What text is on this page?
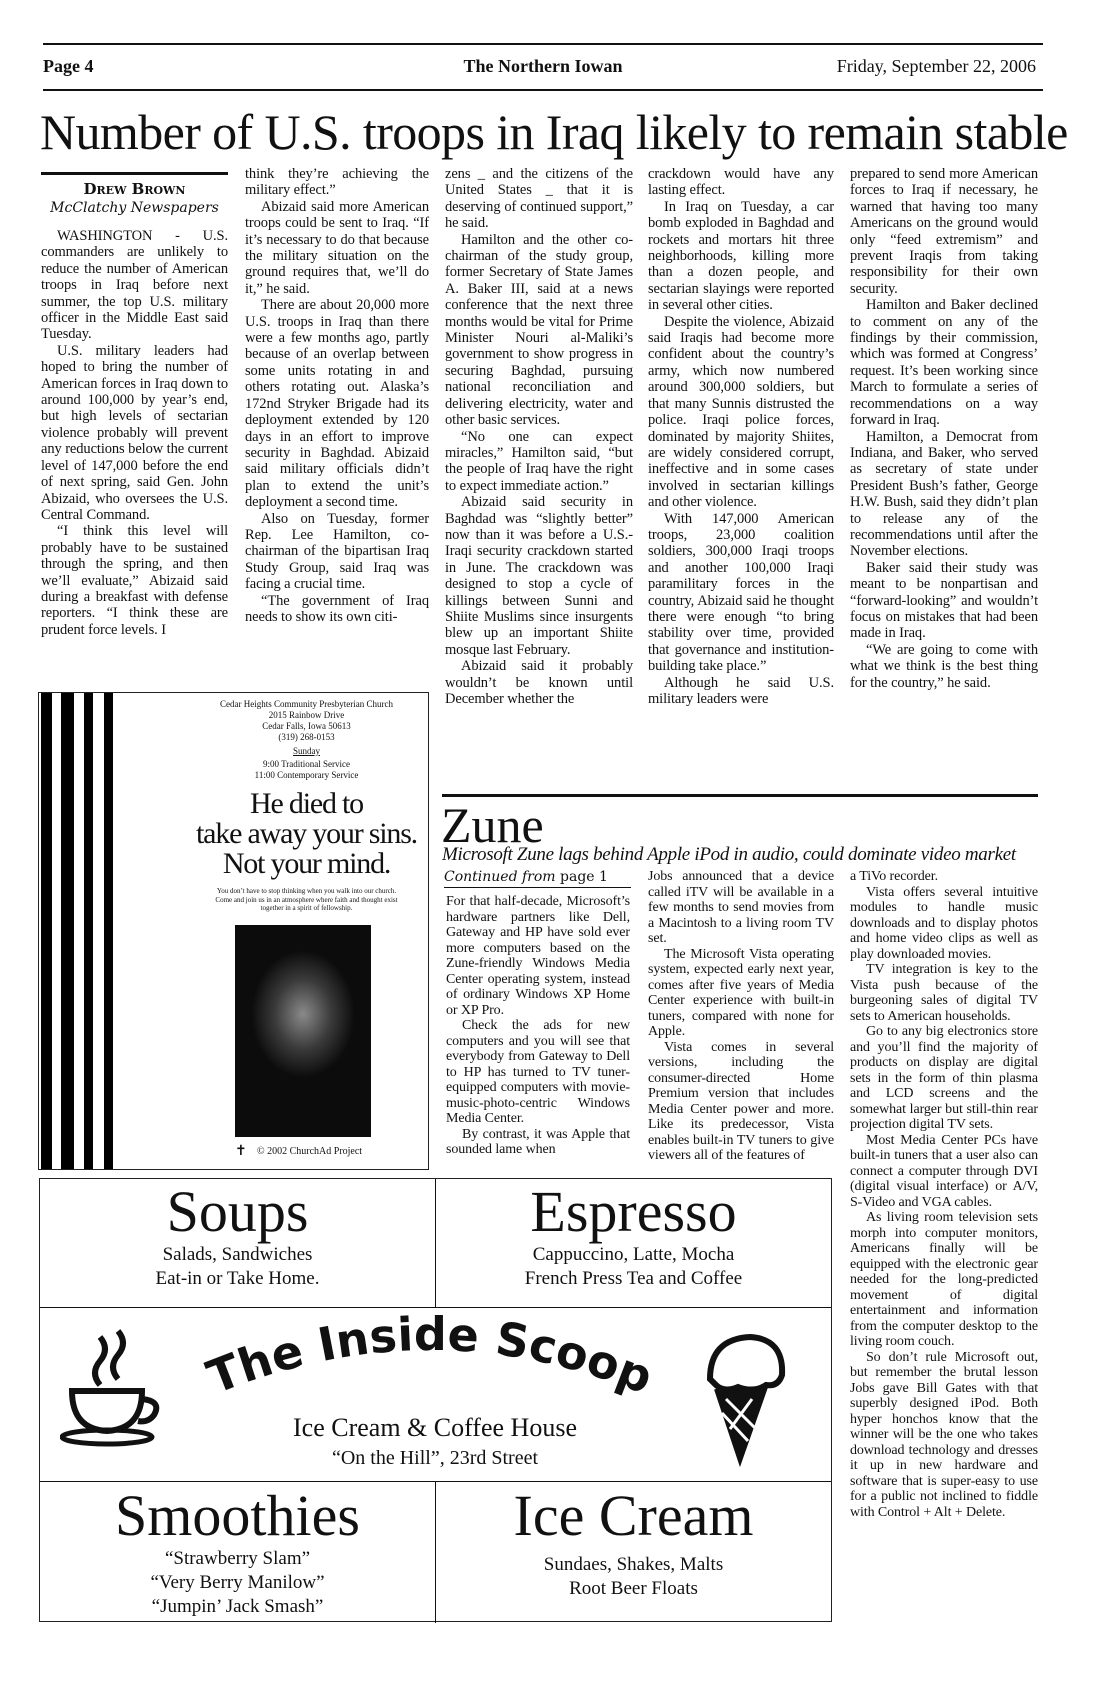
Page 4	The Northern Iowan	Friday, September 22, 2006
Number of U.S. troops in Iraq likely to remain stable
Drew Brown
McClatchy Newspapers

WASHINGTON - U.S. commanders are unlikely to reduce the number of American troops in Iraq before next summer, the top U.S. military officer in the Middle East said Tuesday.

U.S. military leaders had hoped to bring the number of American forces in Iraq down to around 100,000 by year’s end, but high levels of sectarian violence probably will prevent any reductions below the current level of 147,000 before the end of next spring, said Gen. John Abizaid, who oversees the U.S. Central Command.

“I think this level will probably have to be sustained through the spring, and then we’ll evaluate,” Abizaid said during a breakfast with defense reporters. “I think these are prudent force levels. I

think they’re achieving the military effect.”

Abizaid said more American troops could be sent to Iraq. “If it’s necessary to do that because the military situation on the ground requires that, we’ll do it,” he said.

There are about 20,000 more U.S. troops in Iraq than there were a few months ago, partly because of an overlap between some units rotating in and others rotating out. Alaska’s 172nd Stryker Brigade had its deployment extended by 120 days in an effort to improve security in Baghdad. Abizaid said military officials didn’t plan to extend the unit’s deployment a second time.

Also on Tuesday, former Rep. Lee Hamilton, co-chairman of the bipartisan Iraq Study Group, said Iraq was facing a crucial time.

“The government of Iraq needs to show its own citi-

zens _ and the citizens of the United States _ that it is deserving of continued support,” he said.

Hamilton and the other co-chairman of the study group, former Secretary of State James A. Baker III, said at a news conference that the next three months would be vital for Prime Minister Nouri al-Maliki’s government to show progress in securing Baghdad, pursuing national reconciliation and delivering electricity, water and other basic services.

“No one can expect miracles,” Hamilton said, “but the people of Iraq have the right to expect immediate action.”

Abizaid said security in Baghdad was “slightly better” now than it was before a U.S.-Iraqi security crackdown started in June. The crackdown was designed to stop a cycle of killings between Sunni and Shiite Muslims since insurgents blew up an important Shiite mosque last February.

Abizaid said it probably wouldn’t be known until December whether the

crackdown would have any lasting effect.

In Iraq on Tuesday, a car bomb exploded in Baghdad and rockets and mortars hit three neighborhoods, killing more than a dozen people, and sectarian slayings were reported in several other cities.

Despite the violence, Abizaid said Iraqis had become more confident about the country’s army, which now numbered around 300,000 soldiers, but that many Sunnis distrusted the police. Iraqi police forces, dominated by majority Shiites, are widely considered corrupt, ineffective and in some cases involved in sectarian killings and other violence.

With 147,000 American troops, 23,000 coalition soldiers, 300,000 Iraqi troops and another 100,000 Iraqi paramilitary forces in the country, Abizaid said he thought there were enough “to bring stability over time, provided that governance and institution-building take place.”

Although he said U.S. military leaders were

prepared to send more American forces to Iraq if necessary, he warned that having too many Americans on the ground would only “feed extremism” and prevent Iraqis from taking responsibility for their own security.

Hamilton and Baker declined to comment on any of the findings by their commission, which was formed at Congress’ request. It’s been working since March to formulate a series of recommendations on a way forward in Iraq.

Hamilton, a Democrat from Indiana, and Baker, who served as secretary of state under President Bush’s father, George H.W. Bush, said they didn’t plan to release any of the recommendations until after the November elections.

Baker said their study was meant to be nonpartisan and “forward-looking” and wouldn’t focus on mistakes that had been made in Iraq.

“We are going to come with what we think is the best thing for the country,” he said.

Cedar Heights Community Presbyterian Church
2015 Rainbow Drive
Cedar Falls, Iowa 50613
(319) 268-0153
Sunday
9:00 Traditional Service
11:00 Contemporary Service
He died to
take away your sins.
Not your mind.
You don’t have to stop thinking when you walk into our church. Come and join us in an atmosphere where faith and thought exist together in a spirit of fellowship.
✝ © 2002 ChurchAd Project
Zune
Microsoft Zune lags behind Apple iPod in audio, could dominate video market
Continued from page 1

For that half-decade, Microsoft’s hardware partners like Dell, Gateway and HP have sold ever more computers based on the Zune-friendly Windows Media Center operating system, instead of ordinary Windows XP Home or XP Pro.

Check the ads for new computers and you will see that everybody from Gateway to Dell to HP has turned to TV tuner-equipped computers with movie-music-photo-centric Windows Media Center.

By contrast, it was Apple that sounded lame when

Jobs announced that a device called iTV will be available in a few months to send movies from a Macintosh to a living room TV set.

The Microsoft Vista operating system, expected early next year, comes after five years of Media Center experience with built-in tuners, compared with none for Apple.

Vista comes in several versions, including the consumer-directed Home Premium version that includes Media Center power and more. Like its predecessor, Vista enables built-in TV tuners to give viewers all of the features of

a TiVo recorder.

Vista offers several intuitive modules to handle music downloads and to display photos and home video clips as well as play downloaded movies.

TV integration is key to the Vista push because of the burgeoning sales of digital TV sets to American households.

Go to any big electronics store and you’ll find the majority of products on display are digital sets in the form of thin plasma and LCD screens and the somewhat larger but still-thin rear projection digital TV sets.

Most Media Center PCs have built-in tuners that a user also can connect a computer through DVI (digital visual interface) or A/V, S-Video and VGA cables.

As living room television sets morph into computer monitors, Americans finally will be equipped with the electronic gear needed for the long-predicted movement of digital entertainment and information from the computer desktop to the living room couch.

So don’t rule Microsoft out, but remember the brutal lesson Jobs gave Bill Gates with that superbly designed iPod. Both hyper honchos know that the winner will be the one who takes download technology and dresses it up in new hardware and software that is super-easy to use for a public not inclined to fiddle with Control + Alt + Delete.

Soups
Salads, Sandwiches
Eat-in or Take Home.
Espresso
Cappuccino, Latte, Mocha
French Press Tea and Coffee
The Inside Scoop
Ice Cream & Coffee House
“On the Hill”, 23rd Street
Smoothies
“Strawberry Slam”
“Very Berry Manilow”
“Jumpin’ Jack Smash”
Ice Cream
Sundaes, Shakes, Malts
Root Beer Floats
